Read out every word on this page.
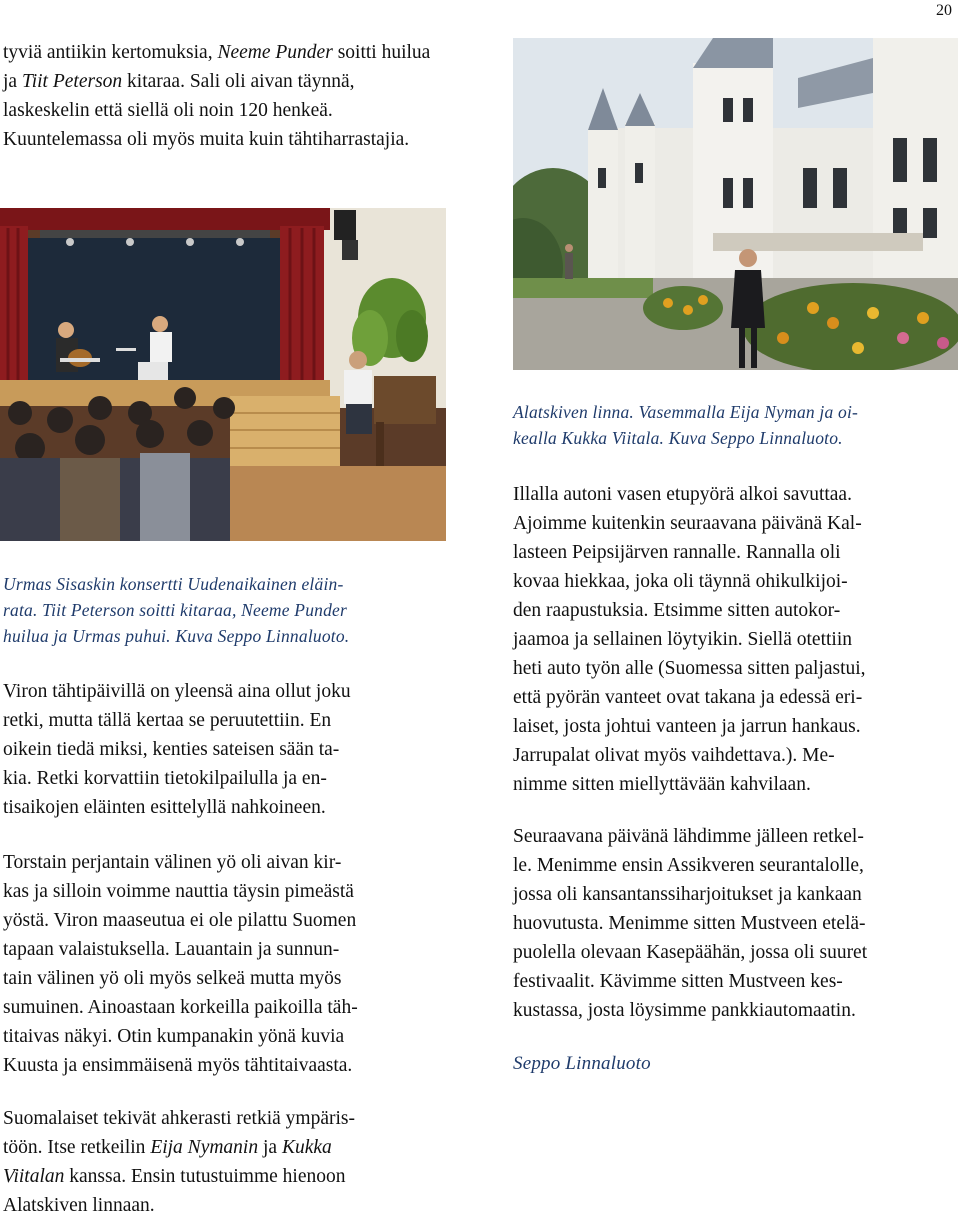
20

tyviä antiikin kertomuksia, Neeme Punder soitti huilua ja Tiit Peterson kitaraa. Sali oli aivan täynnä, laskeskelin että siellä oli noin 120 henkeä. Kuuntelemassa oli myös muita kuin tähtiharrastajia.

Urmas Sisaskin konsertti Uudenaikainen eläin-

rata. Tiit Peterson soitti kitaraa, Neeme Punder

huilua ja Urmas puhui. Kuva Seppo Linnaluoto.

Viron tähtipäivillä on yleensä aina ollut joku

retki, mutta tällä kertaa se peruutettiin. En

oikein tiedä miksi, kenties sateisen sään ta-

kia. Retki korvattiin tietokilpailulla ja en-

tisaikojen eläinten esittelyllä nahkoineen.

Torstain perjantain välinen yö oli aivan kir-

kas ja silloin voimme nauttia täysin pimeästä

yöstä. Viron maaseutua ei ole pilattu Suomen

tapaan valaistuksella. Lauantain ja sunnun-

tain välinen yö oli myös selkeä mutta myös

sumuinen. Ainoastaan korkeilla paikoilla täh-

titaivas näkyi. Otin kumpanakin yönä kuvia

Kuusta ja ensimmäisenä myös tähtitaivaasta.

Suomalaiset tekivät ahkerasti retkiä ympäris-
töön. Itse retkeilin Eija Nymanin ja Kukka
Viitalan kanssa. Ensin tutustuimme hienoon
Alatskiven linnaan.

Alatskiven linna. Vasemmalla Eija Nyman ja oi-

kealla Kukka Viitala. Kuva Seppo Linnaluoto.

Illalla autoni vasen etupyörä alkoi savuttaa.

Ajoimme kuitenkin seuraavana päivänä Kal-

lasteen Peipsijärven rannalle. Rannalla oli

kovaa hiekkaa, joka oli täynnä ohikulkijoi-

den raapustuksia. Etsimme sitten autokor-

jaamoa ja sellainen löytyikin. Siellä otettiin

heti auto työn alle (Suomessa sitten paljastui,

että pyörän vanteet ovat takana ja edessä eri-

laiset, josta johtui vanteen ja jarrun hankaus.

Jarrupalat olivat myös vaihdettava.). Me-

nimme sitten miellyttävään kahvilaan.

Seuraavana päivänä lähdimme jälleen retkel-

le. Menimme ensin Assikveren seurantalolle,

jossa oli kansantanssiharjoitukset ja kankaan

huovutusta. Menimme sitten Mustveen etelä-

puolella olevaan Kasepäähän, jossa oli suuret

festivaalit. Kävimme sitten Mustveen kes-

kustassa, josta löysimme pankkiautomaatin.

Seppo Linnaluoto
